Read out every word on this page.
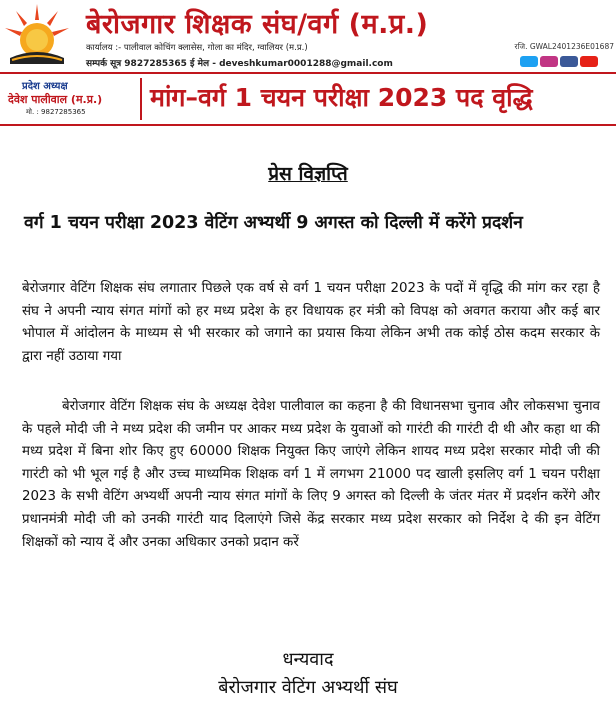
बेरोजगार शिक्षक संघ/वर्ग (म.प्र.)
कार्यालय :- पालीवाल कोचिंग क्लासेस, गोला का मंदिर, ग्वालियर (म.प्र.)	रजि. GWAL2401236E01687
सम्पर्क सूत्र 9827285365 ई मेल - deveshkumar0001288@gmail.com
प्रदेश अध्यक्ष
देवेश पालीवाल (म.प्र.)
मो. : 9827285365	मांग–वर्ग 1 चयन परीक्षा 2023 पद वृद्धि
प्रेस विज्ञप्ति
वर्ग 1 चयन परीक्षा 2023 वेटिंग अभ्यर्थी 9 अगस्त को दिल्ली में करेंगे प्रदर्शन
बेरोजगार वेटिंग शिक्षक संघ लगातार पिछले एक वर्ष से वर्ग 1 चयन परीक्षा 2023 के पदों में वृद्धि की मांग कर रहा है संघ ने अपनी न्याय संगत मांगों को हर मध्य प्रदेश के हर विधायक हर मंत्री को विपक्ष को अवगत कराया और कई बार भोपाल में आंदोलन के माध्यम से भी सरकार को जगाने का प्रयास किया लेकिन अभी तक कोई ठोस कदम सरकार के द्वारा नहीं उठाया गया
बेरोजगार वेटिंग शिक्षक संघ के अध्यक्ष देवेश पालीवाल का कहना है की विधानसभा चुनाव और लोकसभा चुनाव के पहले मोदी जी ने मध्य प्रदेश की जमीन पर आकर मध्य प्रदेश के युवाओं को गारंटी की गारंटी दी थी और कहा था की मध्य प्रदेश में बिना शोर किए हुए 60000 शिक्षक नियुक्त किए जाएंगे लेकिन शायद मध्य प्रदेश सरकार मोदी जी की गारंटी को भी भूल गई है और उच्च माध्यमिक शिक्षक वर्ग 1 में लगभग 21000 पद खाली इसलिए वर्ग 1 चयन परीक्षा 2023 के सभी वेटिंग अभ्यर्थी अपनी न्याय संगत मांगों के लिए 9 अगस्त को दिल्ली के जंतर मंतर में प्रदर्शन करेंगे और प्रधानमंत्री मोदी जी को उनकी गारंटी याद दिलाएंगे जिसे केंद्र सरकार मध्य प्रदेश सरकार को निर्देश दे की इन वेटिंग शिक्षकों को न्याय दें और उनका अधिकार उनको प्रदान करें
धन्यवाद
बेरोजगार वेटिंग अभ्यर्थी संघ
